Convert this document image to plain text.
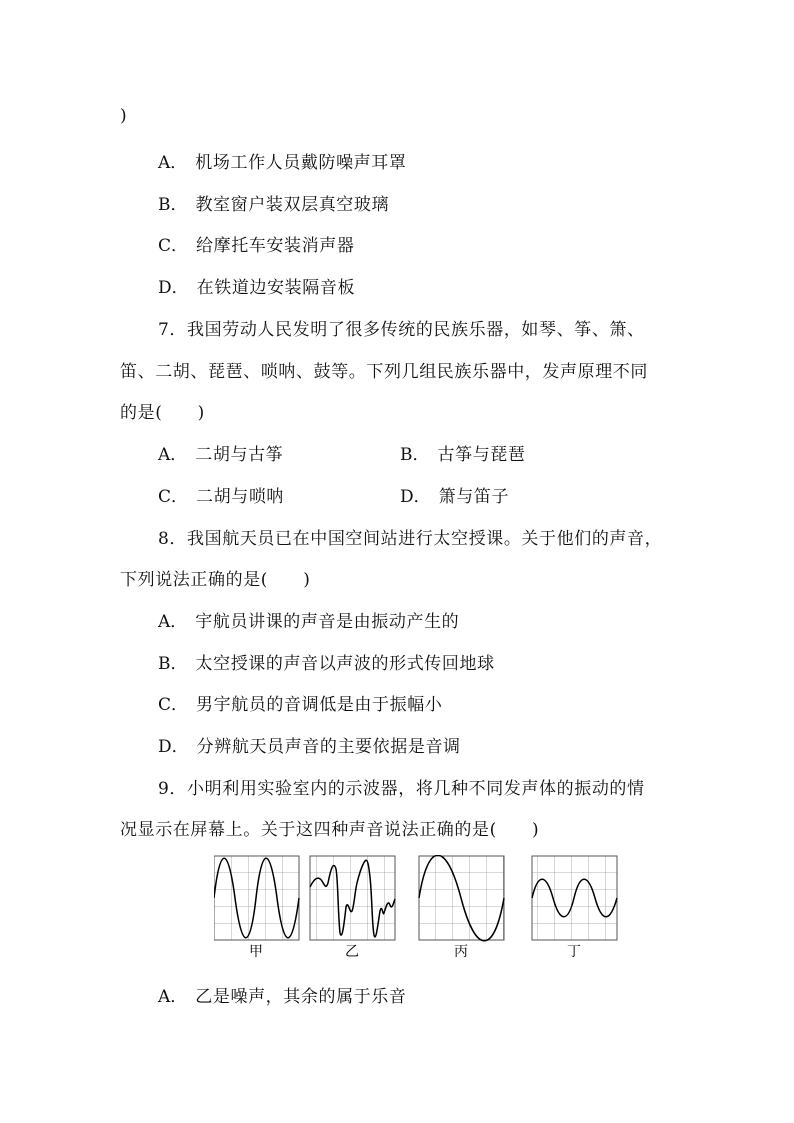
)
A． 机场工作人员戴防噪声耳罩
B． 教室窗户装双层真空玻璃
C． 给摩托车安装消声器
D． 在铁道边安装隔音板
7．我国劳动人民发明了很多传统的民族乐器，如琴、筝、箫、
笛、二胡、琵琶、唢呐、鼓等。下列几组民族乐器中，发声原理不同
的是(　　)
A． 二胡与古筝	B． 古筝与琵琶
C． 二胡与唢呐	D． 箫与笛子
8．我国航天员已在中国空间站进行太空授课。关于他们的声音，
下列说法正确的是(　　)
A． 宇航员讲课的声音是由振动产生的
B． 太空授课的声音以声波的形式传回地球
C． 男宇航员的音调低是由于振幅小
D． 分辨航天员声音的主要依据是音调
9．小明利用实验室内的示波器，将几种不同发声体的振动的情
况显示在屏幕上。关于这四种声音说法正确的是(　　)
甲	乙	丙	丁
A． 乙是噪声，其余的属于乐音
